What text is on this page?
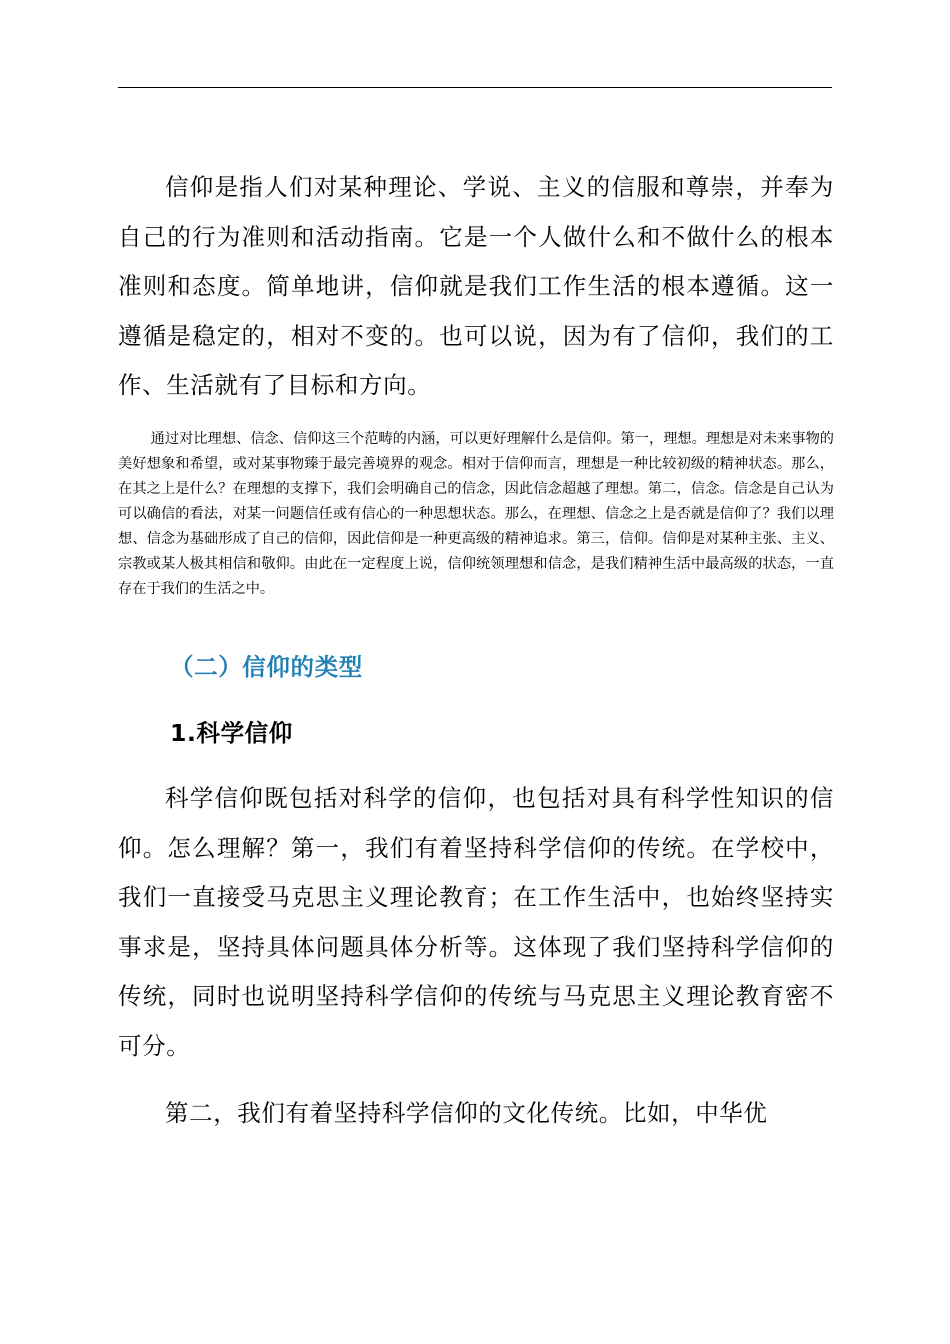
信仰是指人们对某种理论、学说、主义的信服和尊崇，并奉为自己的行为准则和活动指南。它是一个人做什么和不做什么的根本准则和态度。简单地讲，信仰就是我们工作生活的根本遵循。这一遵循是稳定的，相对不变的。也可以说，因为有了信仰，我们的工作、生活就有了目标和方向。

通过对比理想、信念、信仰这三个范畴的内涵，可以更好理解什么是信仰。第一，理想。理想是对未来事物的美好想象和希望，或对某事物臻于最完善境界的观念。相对于信仰而言，理想是一种比较初级的精神状态。那么，在其之上是什么？在理想的支撑下，我们会明确自己的信念，因此信念超越了理想。第二，信念。信念是自己认为可以确信的看法，对某一问题信任或有信心的一种思想状态。那么，在理想、信念之上是否就是信仰了？我们以理想、信念为基础形成了自己的信仰，因此信仰是一种更高级的精神追求。第三，信仰。信仰是对某种主张、主义、宗教或某人极其相信和敬仰。由此在一定程度上说，信仰统领理想和信念，是我们精神生活中最高级的状态，一直存在于我们的生活之中。

（二）信仰的类型
1.科学信仰

科学信仰既包括对科学的信仰，也包括对具有科学性知识的信仰。怎么理解？第一，我们有着坚持科学信仰的传统。在学校中，我们一直接受马克思主义理论教育；在工作生活中，也始终坚持实事求是，坚持具体问题具体分析等。这体现了我们坚持科学信仰的传统，同时也说明坚持科学信仰的传统与马克思主义理论教育密不可分。

第二，我们有着坚持科学信仰的文化传统。比如，中华优
